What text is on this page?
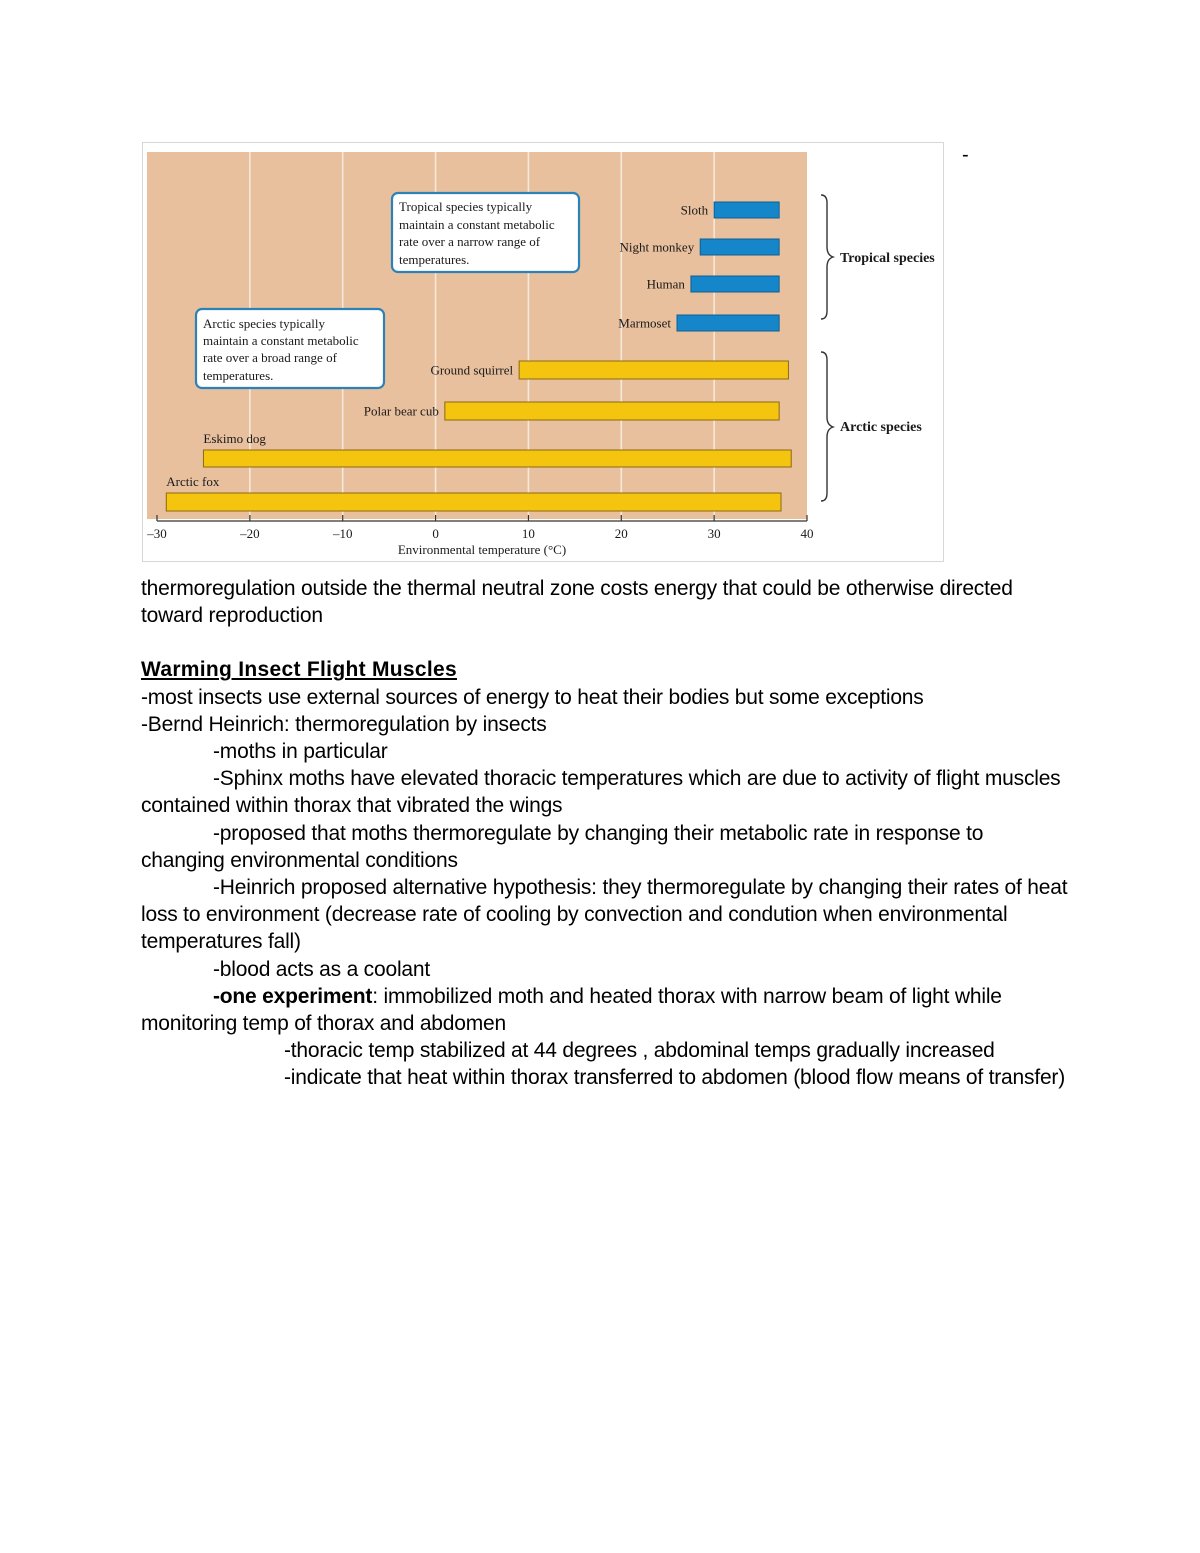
Sloth
Night monkey
Human
Marmoset
Ground squirrel
Polar bear cub
Eskimo dog
Arctic fox
Tropical species typically
maintain a constant metabolic
rate over a narrow range of
temperatures.
Arctic species typically
maintain a constant metabolic
rate over a broad range of
temperatures.
Tropical species
Arctic species
–30	–20	–10	0	10	20	30	40
Environmental temperature (°C)
-

thermoregulation outside the thermal neutral zone costs energy that could be otherwise directed toward reproduction

Warming Insect Flight Muscles

-most insects use external sources of energy to heat their bodies but some exceptions

-Bernd Heinrich: thermoregulation by insects

-moths in particular

-Sphinx moths have elevated thoracic temperatures which are due to activity of flight muscles contained within thorax that vibrated the wings

-proposed that moths thermoregulate by changing their metabolic rate in response to changing environmental conditions

-Heinrich proposed alternative hypothesis: they thermoregulate by changing their rates of heat loss to environment (decrease rate of cooling by convection and condution when environmental temperatures fall)

-blood acts as a coolant

-one experiment: immobilized moth and heated thorax with narrow beam of light while monitoring temp of thorax and abdomen

-thoracic temp stabilized at 44 degrees , abdominal temps gradually increased

-indicate that heat within thorax transferred to abdomen (blood flow means of transfer)
